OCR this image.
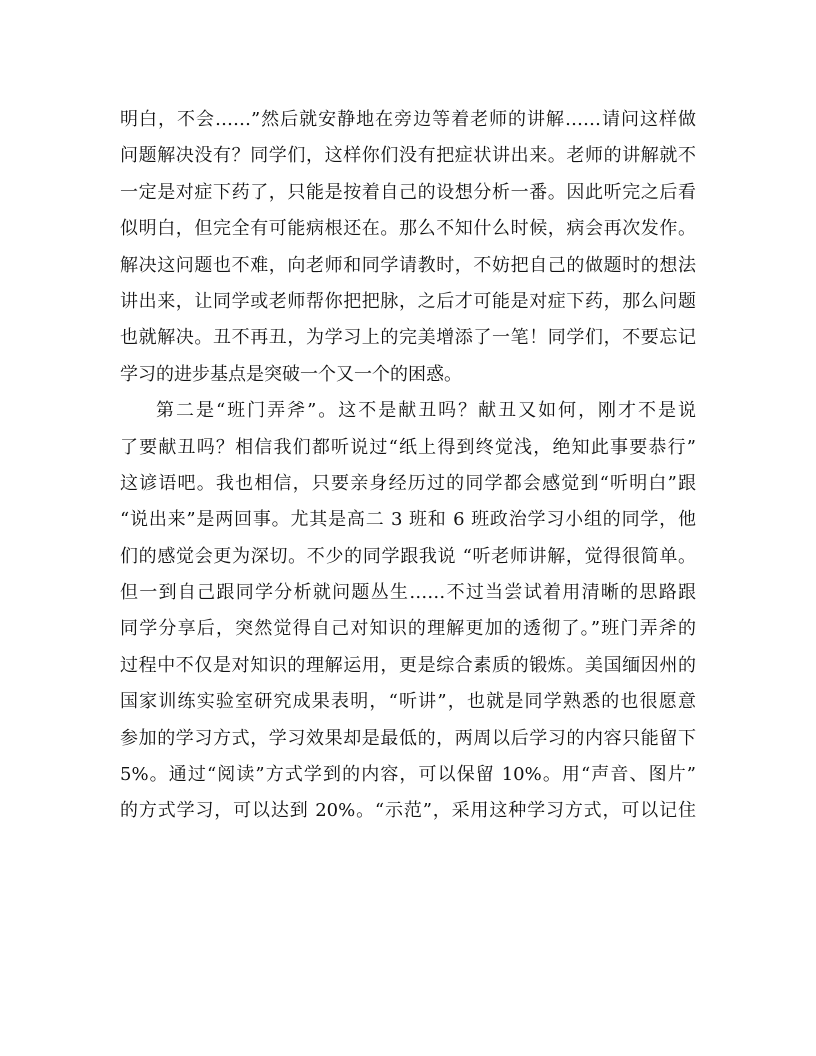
明白，不会……”然后就安静地在旁边等着老师的讲解……请问这样做
问题解决没有？同学们，这样你们没有把症状讲出来。老师的讲解就不
一定是对症下药了，只能是按着自己的设想分析一番。因此听完之后看
似明白，但完全有可能病根还在。那么不知什么时候，病会再次发作。
解决这问题也不难，向老师和同学请教时，不妨把自己的做题时的想法
讲出来，让同学或老师帮你把把脉，之后才可能是对症下药，那么问题
也就解决。丑不再丑，为学习上的完美增添了一笔！同学们，不要忘记
学习的进步基点是突破一个又一个的困惑。
第二是“班门弄斧”。这不是献丑吗？献丑又如何，刚才不是说
了要献丑吗？相信我们都听说过“纸上得到终觉浅，绝知此事要恭行”
这谚语吧。我也相信，只要亲身经历过的同学都会感觉到“听明白”跟
“说出来”是两回事。尤其是高二 3 班和 6 班政治学习小组的同学，他
们的感觉会更为深切。不少的同学跟我说 “听老师讲解，觉得很简单。
但一到自己跟同学分析就问题丛生……不过当尝试着用清晰的思路跟
同学分享后，突然觉得自己对知识的理解更加的透彻了。”班门弄斧的
过程中不仅是对知识的理解运用，更是综合素质的锻炼。美国缅因州的
国家训练实验室研究成果表明，“听讲”，也就是同学熟悉的也很愿意
参加的学习方式，学习效果却是最低的，两周以后学习的内容只能留下
5%。通过“阅读”方式学到的内容，可以保留 10%。用“声音、图片”
的方式学习，可以达到 20%。“示范”，采用这种学习方式，可以记住
